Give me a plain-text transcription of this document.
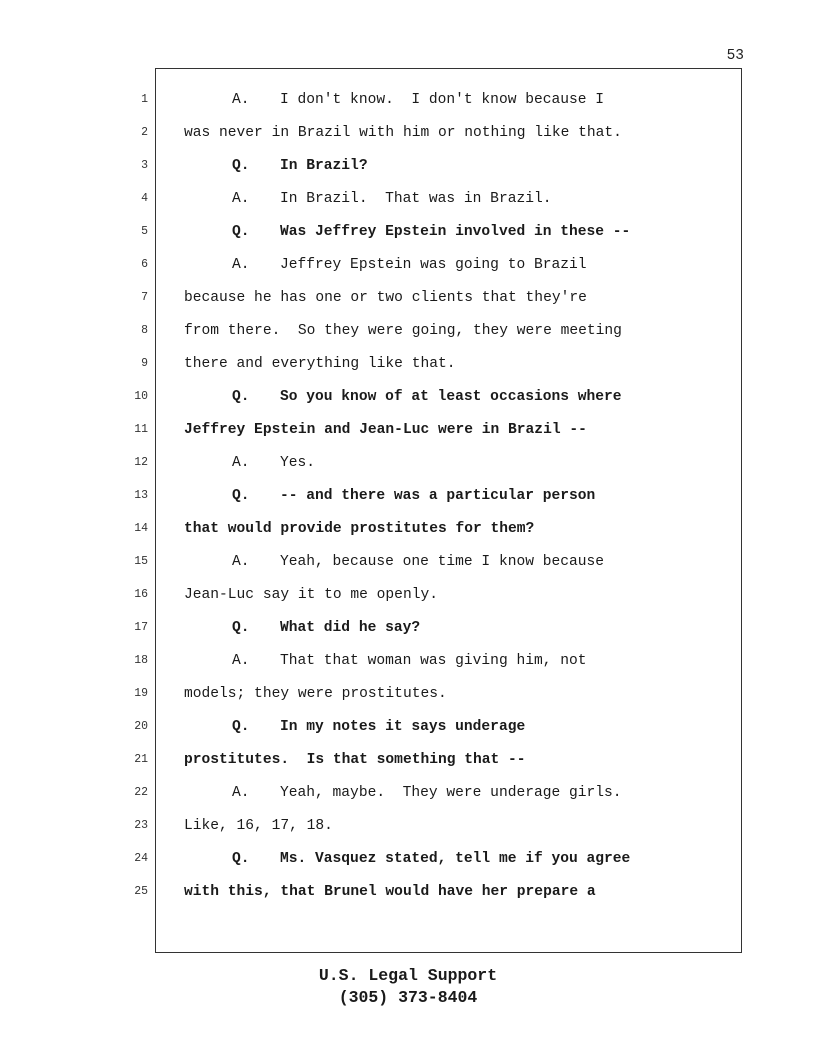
53
1
2
3
4
5
6
7
8
9
10
11
12
13
14
15
16
17
18
19
20
21
22
23
24
25
A. I don't know.  I don't know because I
was never in Brazil with him or nothing like that.
Q. In Brazil?
A. In Brazil.  That was in Brazil.
Q. Was Jeffrey Epstein involved in these --
A. Jeffrey Epstein was going to Brazil
because he has one or two clients that they're
from there.  So they were going, they were meeting
there and everything like that.
Q. So you know of at least occasions where
Jeffrey Epstein and Jean-Luc were in Brazil --
A. Yes.
Q. -- and there was a particular person
that would provide prostitutes for them?
A. Yeah, because one time I know because
Jean-Luc say it to me openly.
Q. What did he say?
A. That that woman was giving him, not
models; they were prostitutes.
Q. In my notes it says underage
prostitutes.  Is that something that --
A. Yeah, maybe.  They were underage girls.
Like, 16, 17, 18.
Q. Ms. Vasquez stated, tell me if you agree
with this, that Brunel would have her prepare a
U.S. Legal Support
(305) 373-8404
